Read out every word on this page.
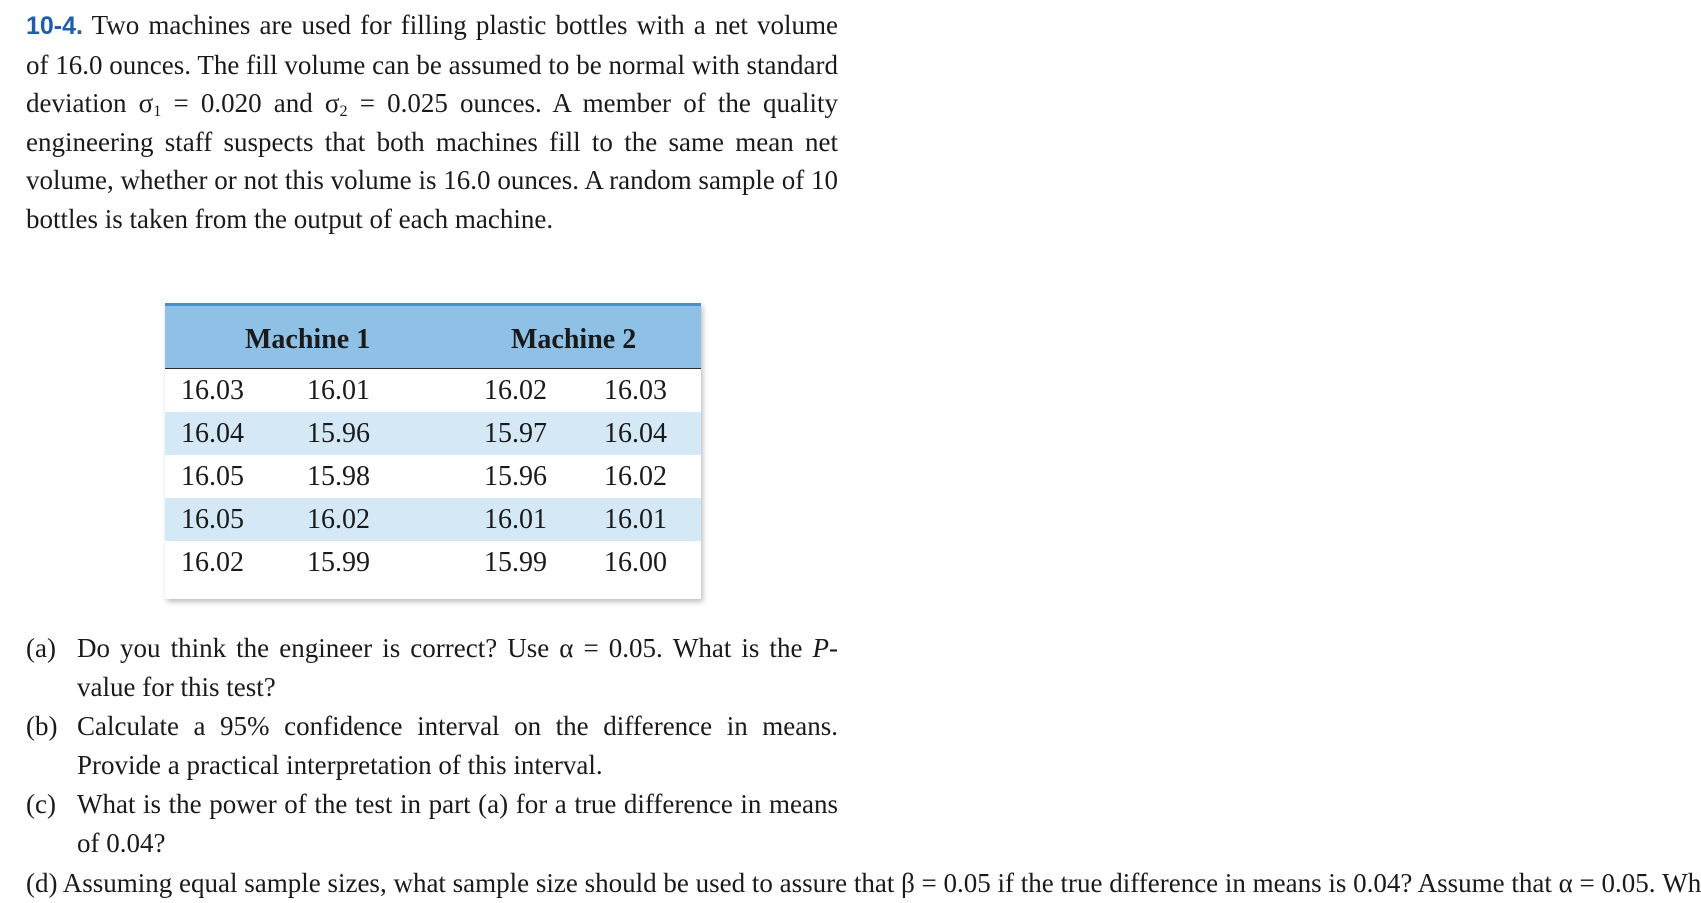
10-4. Two machines are used for filling plastic bottles with a net volume of 16.0 ounces. The fill volume can be assumed to be normal with standard deviation $\sigma_1 = 0.020$ and $\sigma_2 = 0.025$ ounces. A member of the quality engineering staff suspects that both machines fill to the same mean net volume, whether or not this volume is 16.0 ounces. A random sample of 10 bottles is taken from the output of each machine.
Machine 1	Machine 2
16.03 16.01	16.02 16.03
16.04 15.96	15.97 16.04
16.05 15.98	15.96 16.02
16.05 16.02	16.01 16.01
16.02 15.99	15.99 16.00
(a) Do you think the engineer is correct? Use α = 0.05. What is the P-value for this test?
(b) Calculate a 95% confidence interval on the difference in means. Provide a practical interpretation of this interval.
(c) What is the power of the test in part (a) for a true difference in means of 0.04?
(d) Assuming equal sample sizes, what sample size should be used to assure that β = 0.05 if the true difference in means is 0.04? Assume that α = 0.05. Wh
